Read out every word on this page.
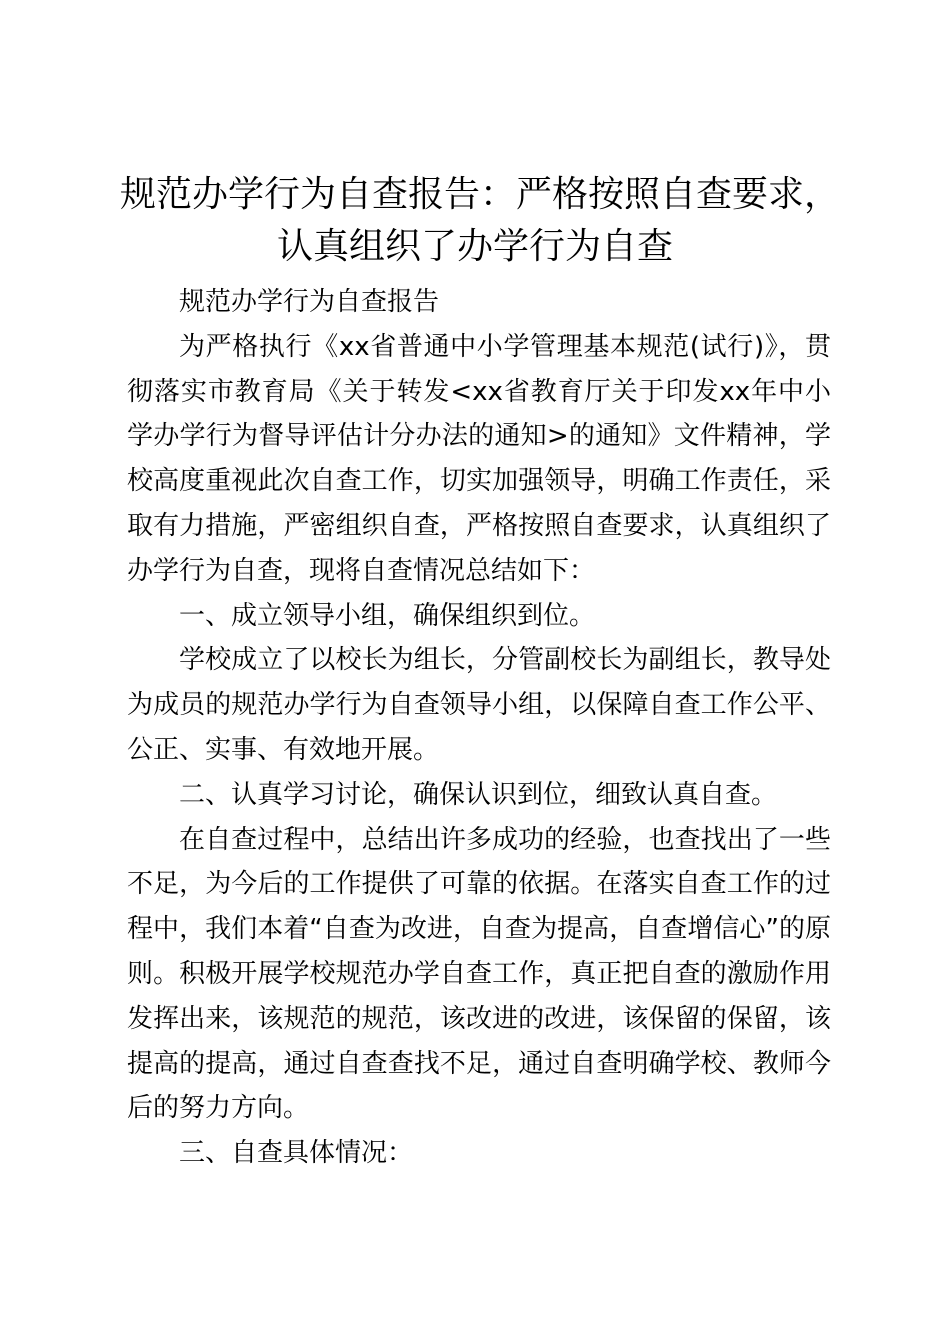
规范办学行为自查报告：严格按照自查要求，
认真组织了办学行为自查

规范办学行为自查报告

为严格执行《xx省普通中小学管理基本规范(试行)》，贯彻落实市教育局《关于转发<xx省教育厅关于印发xx年中小学办学行为督导评估计分办法的通知>的通知》文件精神，学校高度重视此次自查工作，切实加强领导，明确工作责任，采取有力措施，严密组织自查，严格按照自查要求，认真组织了办学行为自查，现将自查情况总结如下：

一、成立领导小组，确保组织到位。

学校成立了以校长为组长，分管副校长为副组长，教导处为成员的规范办学行为自查领导小组，以保障自查工作公平、公正、实事、有效地开展。

二、认真学习讨论，确保认识到位，细致认真自查。

在自查过程中，总结出许多成功的经验，也查找出了一些不足，为今后的工作提供了可靠的依据。在落实自查工作的过程中，我们本着“自查为改进，自查为提高，自查增信心”的原则。积极开展学校规范办学自查工作，真正把自查的激励作用发挥出来，该规范的规范，该改进的改进，该保留的保留，该提高的提高，通过自查查找不足，通过自查明确学校、教师今后的努力方向。

三、自查具体情况：
